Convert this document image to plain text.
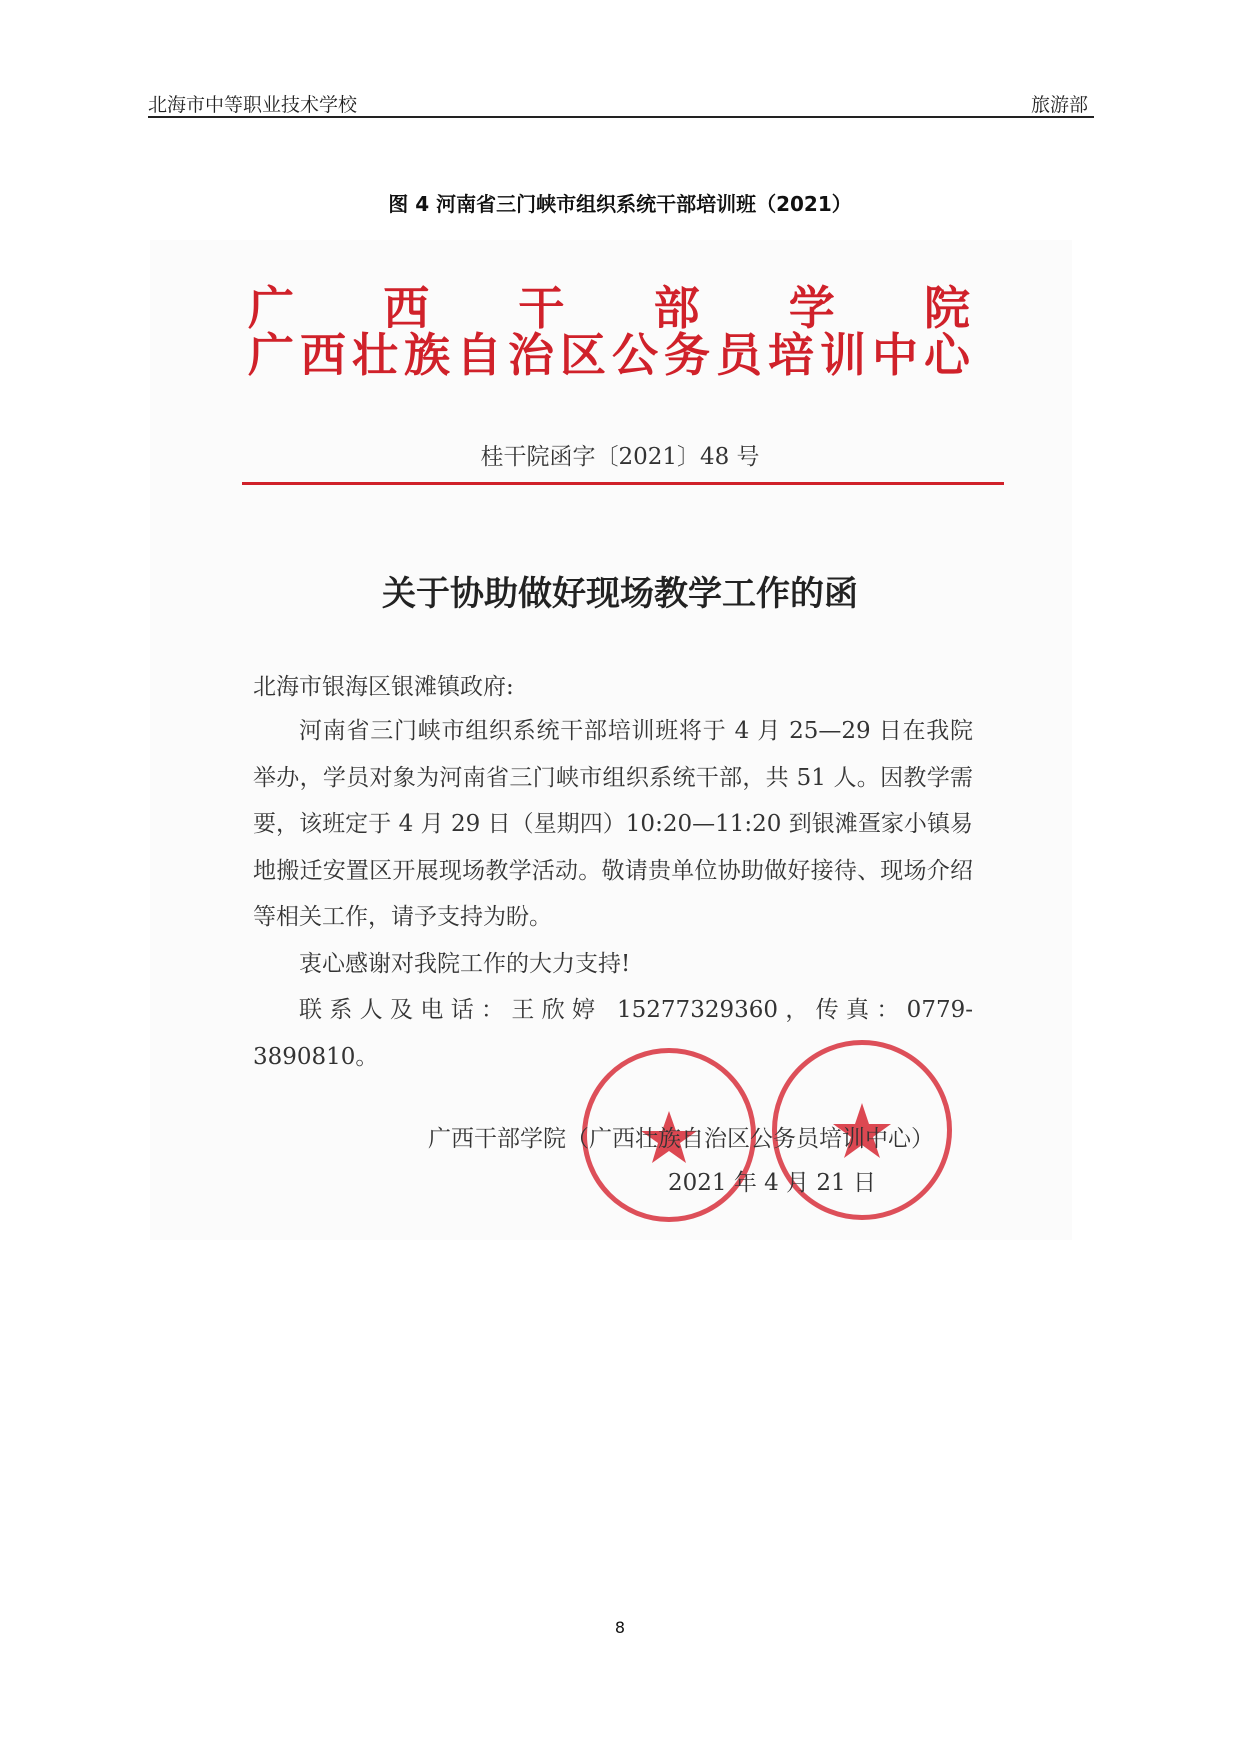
北海市中等职业技术学校	旅游部
图 4 河南省三门峡市组织系统干部培训班（2021）
广 西 干 部 学 院
广 西 壮 族 自 治 区 公 务 员 培 训 中 心
桂干院函字〔2021〕48 号
关于协助做好现场教学工作的函
北海市银海区银滩镇政府:

河南省三门峡市组织系统干部培训班将于 4 月 25—29 日在我院举办，学员对象为河南省三门峡市组织系统干部，共 51 人。因教学需要，该班定于 4 月 29 日（星期四）10:20—11:20 到银滩疍家小镇易地搬迁安置区开展现场教学活动。敬请贵单位协助做好接待、现场介绍等相关工作，请予支持为盼。

衷心感谢对我院工作的大力支持!

联系人及电话：王欣婷 15277329360，传真：0779-3890810。

广西干部学院（广西壮族自治区公务员培训中心）
2021 年 4 月 21 日
8
